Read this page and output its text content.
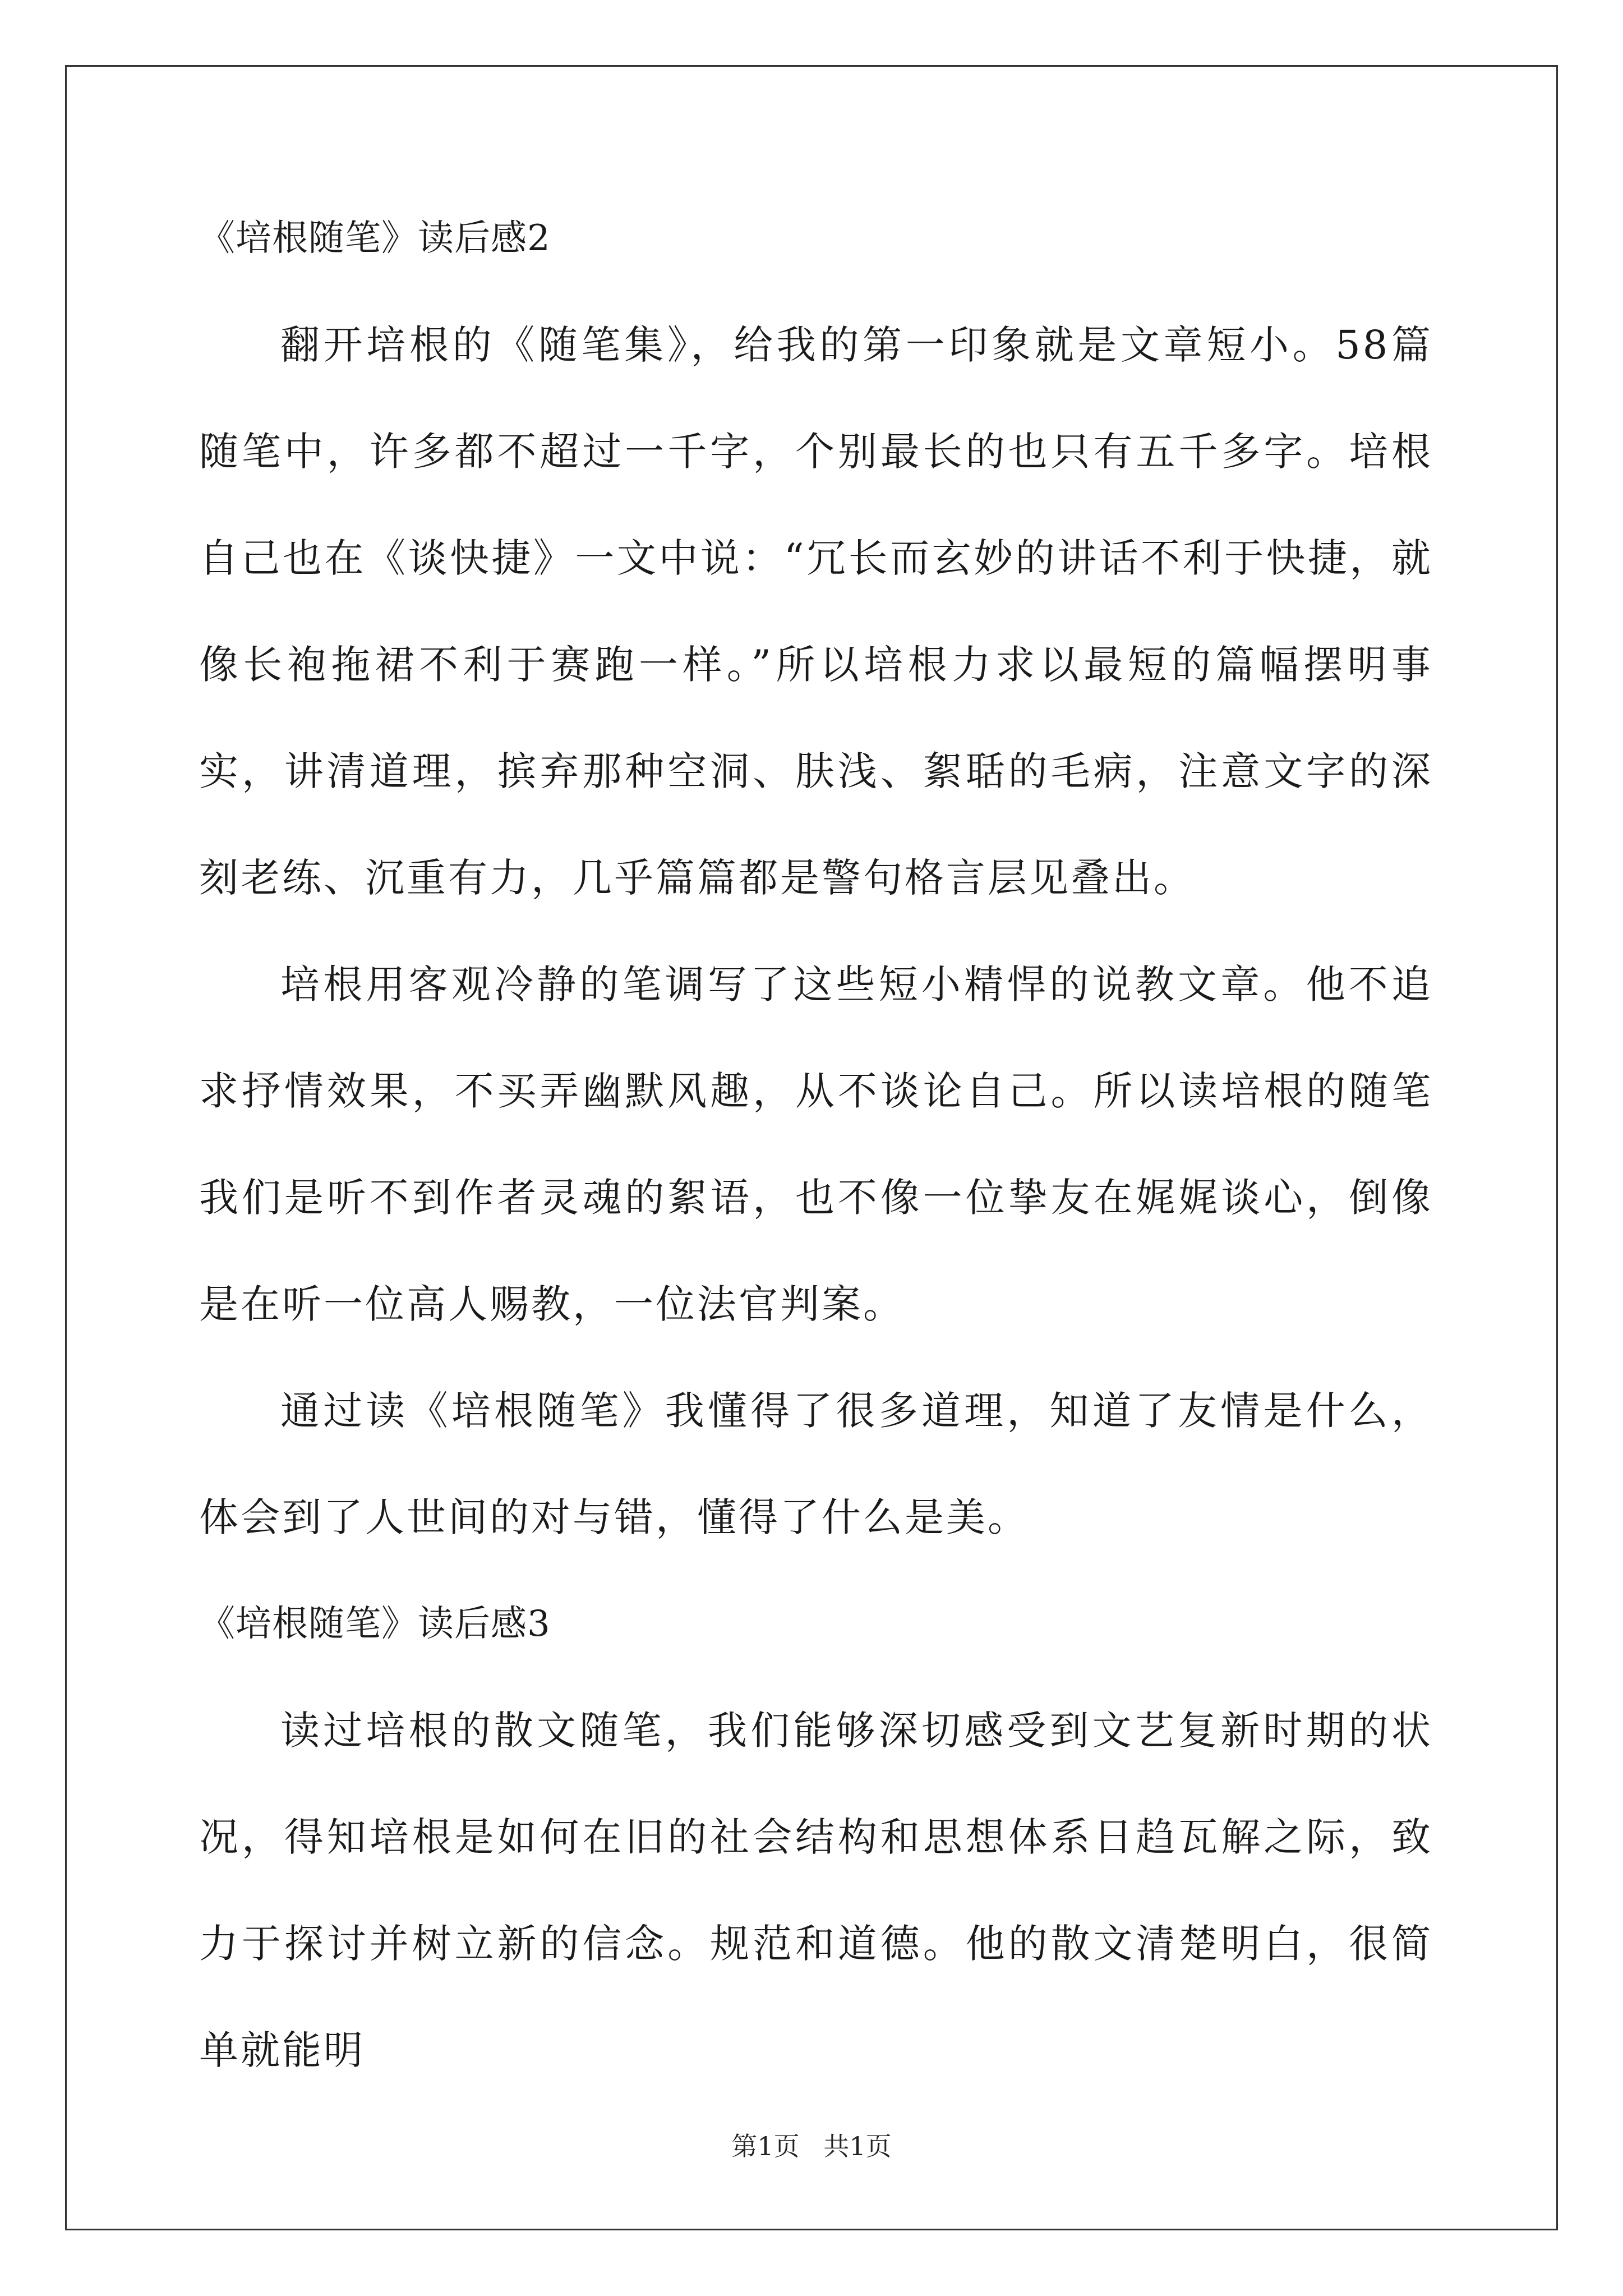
《培根随笔》读后感2

翻开培根的《随笔集》，给我的第一印象就是文章短小。58篇随笔中，许多都不超过一千字，个别最长的也只有五千多字。培根自己也在《谈快捷》一文中说：“冗长而玄妙的讲话不利于快捷，就像长袍拖裙不利于赛跑一样。”所以培根力求以最短的篇幅摆明事实，讲清道理，摈弃那种空洞、肤浅、絮聒的毛病，注意文字的深刻老练、沉重有力，几乎篇篇都是警句格言层见叠出。

培根用客观冷静的笔调写了这些短小精悍的说教文章。他不追求抒情效果，不买弄幽默风趣，从不谈论自己。所以读培根的随笔我们是听不到作者灵魂的絮语，也不像一位挚友在娓娓谈心，倒像是在听一位高人赐教，一位法官判案。

通过读《培根随笔》我懂得了很多道理，知道了友情是什么，体会到了人世间的对与错，懂得了什么是美。

《培根随笔》读后感3

读过培根的散文随笔，我们能够深切感受到文艺复新时期的状况，得知培根是如何在旧的社会结构和思想体系日趋瓦解之际，致力于探讨并树立新的信念。规范和道德。他的散文清楚明白，很简单就能明

第1页 共1页
